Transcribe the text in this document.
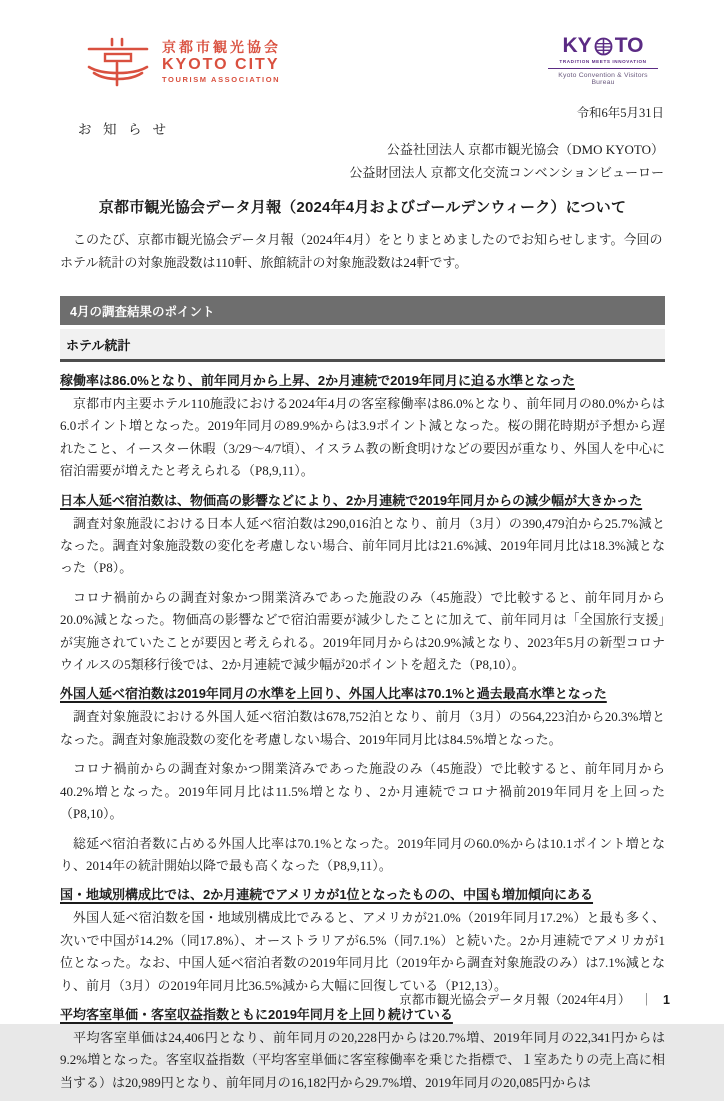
京都市観光協会
KYOTO CITY
TOURISM ASSOCIATION
KY TO
TRADITION MEETS INNOVATION
Kyoto Convention & Visitors Bureau
令和6年5月31日
お知らせ
公益社団法人 京都市観光協会（DMO KYOTO）
公益財団法人 京都文化交流コンベンションビューロー
京都市観光協会データ月報（2024年4月およびゴールデンウィーク）について

このたび、京都市観光協会データ月報（2024年4月）をとりまとめましたのでお知らせします。今回のホテル統計の対象施設数は110軒、旅館統計の対象施設数は24軒です。

4月の調査結果のポイント
ホテル統計
稼働率は86.0%となり、前年同月から上昇、2か月連続で2019年同月に迫る水準となった

京都市内主要ホテル110施設における2024年4月の客室稼働率は86.0%となり、前年同月の80.0%からは6.0ポイント増となった。2019年同月の89.9%からは3.9ポイント減となった。桜の開花時期が予想から遅れたこと、イースター休暇（3/29～4/7頃）、イスラム教の断食明けなどの要因が重なり、外国人を中心に宿泊需要が増えたと考えられる（P8,9,11）。

日本人延べ宿泊数は、物価高の影響などにより、2か月連続で2019年同月からの減少幅が大きかった

調査対象施設における日本人延べ宿泊数は290,016泊となり、前月（3月）の390,479泊から25.7%減となった。調査対象施設数の変化を考慮しない場合、前年同月比は21.6%減、2019年同月比は18.3%減となった（P8）。

コロナ禍前からの調査対象かつ開業済みであった施設のみ（45施設）で比較すると、前年同月から20.0%減となった。物価高の影響などで宿泊需要が減少したことに加えて、前年同月は「全国旅行支援」が実施されていたことが要因と考えられる。2019年同月からは20.9%減となり、2023年5月の新型コロナウイルスの5類移行後では、2か月連続で減少幅が20ポイントを超えた（P8,10）。

外国人延べ宿泊数は2019年同月の水準を上回り、外国人比率は70.1%と過去最高水準となった

調査対象施設における外国人延べ宿泊数は678,752泊となり、前月（3月）の564,223泊から20.3%増となった。調査対象施設数の変化を考慮しない場合、2019年同月比は84.5%増となった。

コロナ禍前からの調査対象かつ開業済みであった施設のみ（45施設）で比較すると、前年同月から40.2%増となった。2019年同月比は11.5%増となり、2か月連続でコロナ禍前2019年同月を上回った（P8,10）。

総延べ宿泊者数に占める外国人比率は70.1%となった。2019年同月の60.0%からは10.1ポイント増となり、2014年の統計開始以降で最も高くなった（P8,9,11）。

国・地域別構成比では、2か月連続でアメリカが1位となったものの、中国も増加傾向にある

外国人延べ宿泊数を国・地域別構成比でみると、アメリカが21.0%（2019年同月17.2%）と最も多く、次いで中国が14.2%（同17.8%）、オーストラリアが6.5%（同7.1%）と続いた。2か月連続でアメリカが1位となった。なお、中国人延べ宿泊者数の2019年同月比（2019年から調査対象施設のみ）は7.1%減となり、前月（3月）の2019年同月比36.5%減から大幅に回復している（P12,13）。

平均客室単価・客室収益指数ともに2019年同月を上回り続けている

平均客室単価は24,406円となり、前年同月の20,228円からは20.7%増、2019年同月の22,341円からは9.2%増となった。客室収益指数（平均客室単価に客室稼働率を乗じた指標で、１室あたりの売上高に相当する）は20,989円となり、前年同月の16,182円から29.7%増、2019年同月の20,085円からは

京都市観光協会データ月報（2024年4月） ｜ 1
